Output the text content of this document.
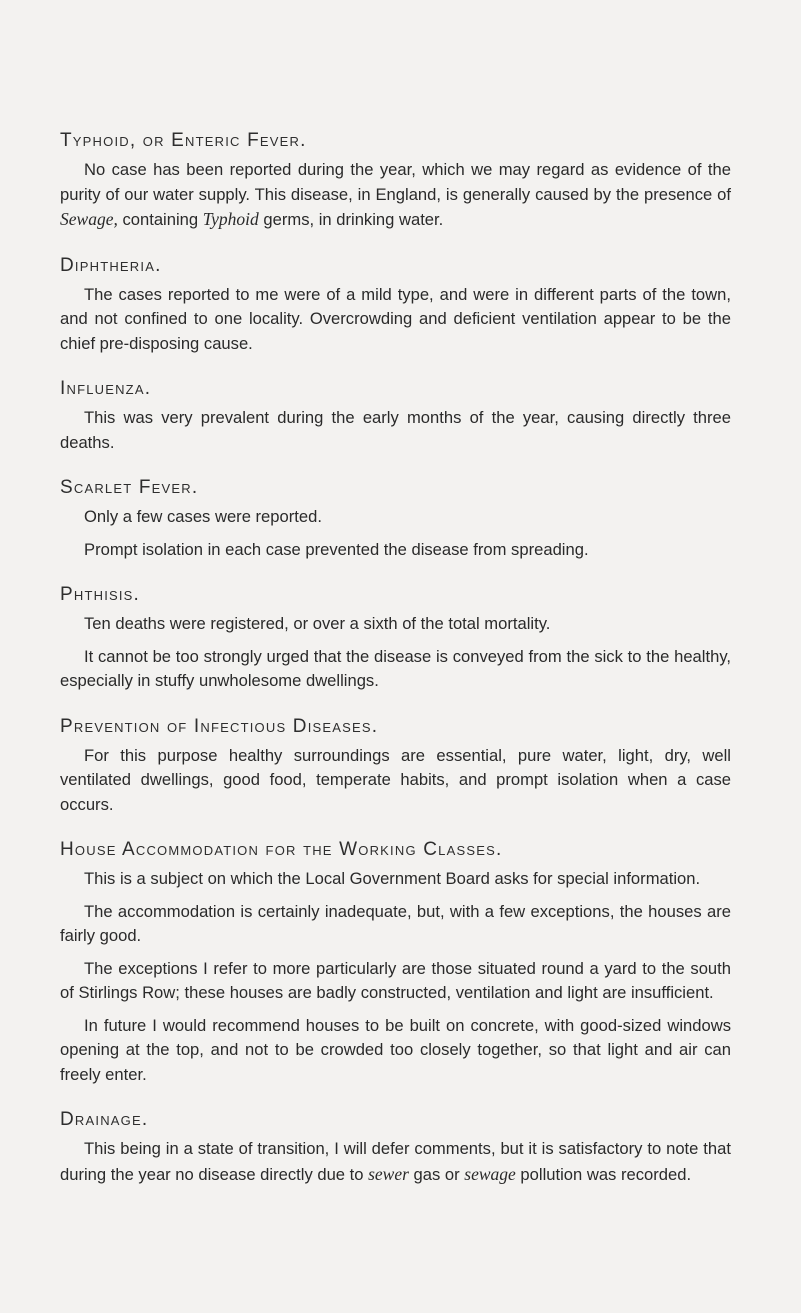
Typhoid, or Enteric Fever.

No case has been reported during the year, which we may regard as evidence of the purity of our water supply. This disease, in England, is generally caused by the presence of Sewage, containing Typhoid germs, in drinking water.

Diphtheria.

The cases reported to me were of a mild type, and were in different parts of the town, and not confined to one locality. Overcrowding and deficient ventilation appear to be the chief pre-disposing cause.

Influenza.

This was very prevalent during the early months of the year, causing directly three deaths.

Scarlet Fever.

Only a few cases were reported.

Prompt isolation in each case prevented the disease from spreading.

Phthisis.

Ten deaths were registered, or over a sixth of the total mortality.

It cannot be too strongly urged that the disease is conveyed from the sick to the healthy, especially in stuffy unwholesome dwellings.

Prevention of Infectious Diseases.

For this purpose healthy surroundings are essential, pure water, light, dry, well ventilated dwellings, good food, temperate habits, and prompt isolation when a case occurs.

House Accommodation for the Working Classes.

This is a subject on which the Local Government Board asks for special information.

The accommodation is certainly inadequate, but, with a few exceptions, the houses are fairly good.

The exceptions I refer to more particularly are those situated round a yard to the south of Stirlings Row; these houses are badly constructed, ventilation and light are insufficient.

In future I would recommend houses to be built on concrete, with good-sized windows opening at the top, and not to be crowded too closely together, so that light and air can freely enter.

Drainage.

This being in a state of transition, I will defer comments, but it is satisfactory to note that during the year no disease directly due to sewer gas or sewage pollution was recorded.
